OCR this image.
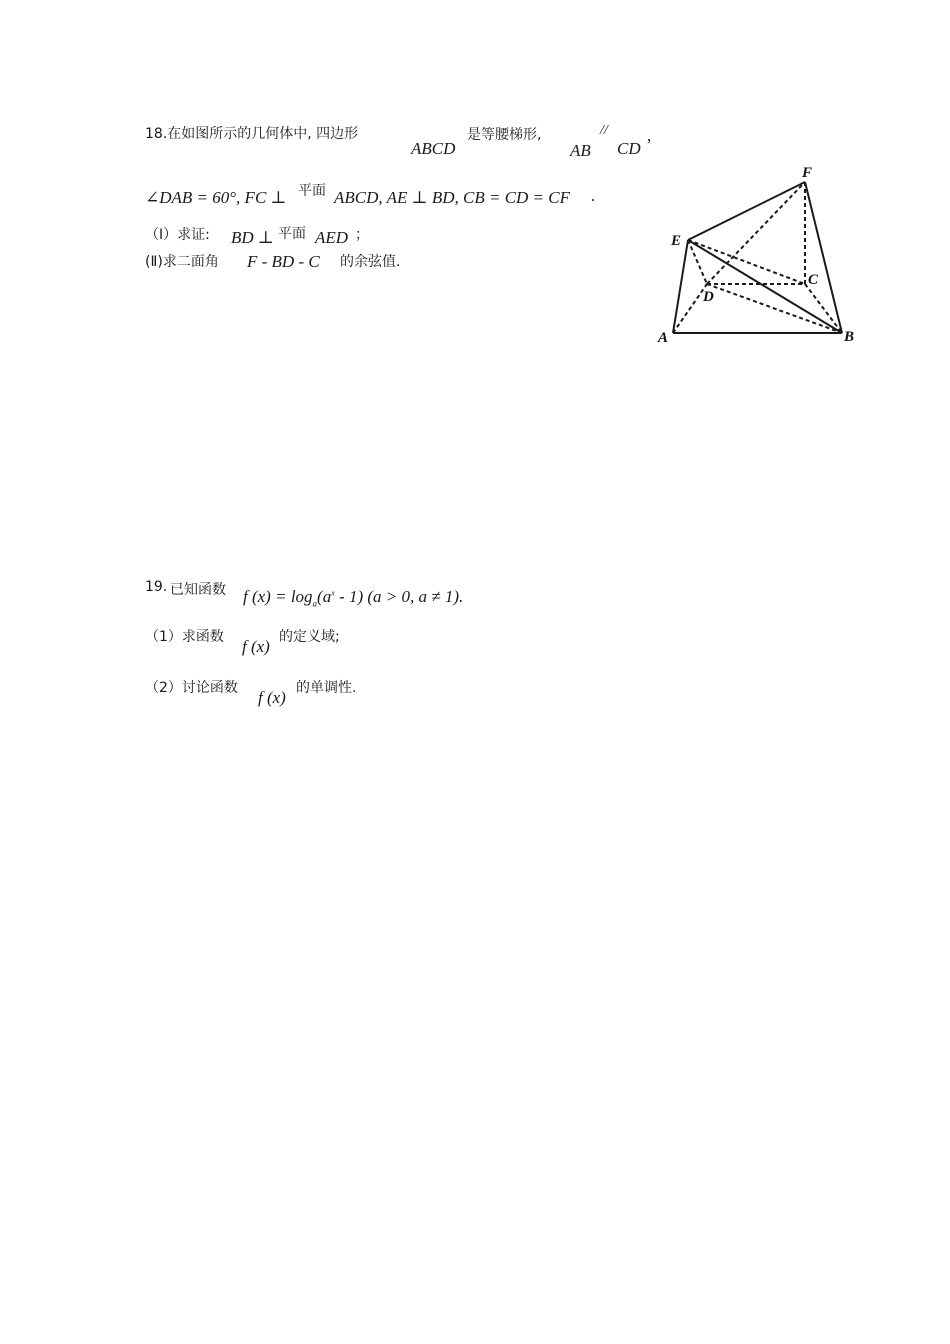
18.在如图所示的几何体中, 四边形
ABCD
是等腰梯形,
AB
//
CD
,
∠DAB = 60°, FC ⊥ 平面 ABCD, AE ⊥ BD, CB = CD = CF .
（Ⅰ）求证: BD ⊥ 平面 AED ；
(Ⅱ)求二面角 F - BD - C 的余弦值.
A	B
C
D
E
F
19. 已知函数 f $(x) = \log_a(a^x - 1) (a > 0$, a ≠ 1).
（1）求函数 f (x) 的定义域;
（2）讨论函数 f (x) 的单调性.
